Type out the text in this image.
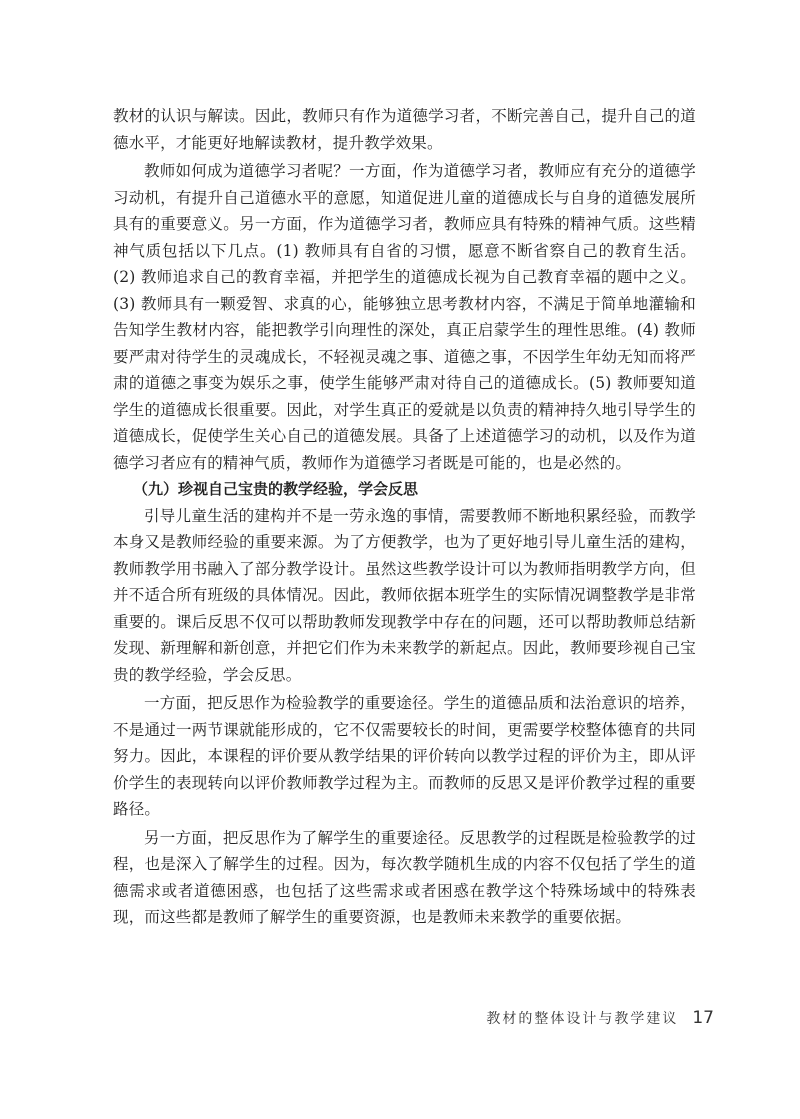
教材的认识与解读。因此，教师只有作为道德学习者，不断完善自己，提升自己的道德水平，才能更好地解读教材，提升教学效果。

教师如何成为道德学习者呢？一方面，作为道德学习者，教师应有充分的道德学习动机，有提升自己道德水平的意愿，知道促进儿童的道德成长与自身的道德发展所具有的重要意义。另一方面，作为道德学习者，教师应具有特殊的精神气质。这些精神气质包括以下几点。(1) 教师具有自省的习惯，愿意不断省察自己的教育生活。(2) 教师追求自己的教育幸福，并把学生的道德成长视为自己教育幸福的题中之义。(3) 教师具有一颗爱智、求真的心，能够独立思考教材内容，不满足于简单地灌输和告知学生教材内容，能把教学引向理性的深处，真正启蒙学生的理性思维。(4) 教师要严肃对待学生的灵魂成长，不轻视灵魂之事、道德之事，不因学生年幼无知而将严肃的道德之事变为娱乐之事，使学生能够严肃对待自己的道德成长。(5) 教师要知道学生的道德成长很重要。因此，对学生真正的爱就是以负责的精神持久地引导学生的道德成长，促使学生关心自己的道德发展。具备了上述道德学习的动机，以及作为道德学习者应有的精神气质，教师作为道德学习者既是可能的，也是必然的。

（九）珍视自己宝贵的教学经验，学会反思

引导儿童生活的建构并不是一劳永逸的事情，需要教师不断地积累经验，而教学本身又是教师经验的重要来源。为了方便教学，也为了更好地引导儿童生活的建构，教师教学用书融入了部分教学设计。虽然这些教学设计可以为教师指明教学方向，但并不适合所有班级的具体情况。因此，教师依据本班学生的实际情况调整教学是非常重要的。课后反思不仅可以帮助教师发现教学中存在的问题，还可以帮助教师总结新发现、新理解和新创意，并把它们作为未来教学的新起点。因此，教师要珍视自己宝贵的教学经验，学会反思。

一方面，把反思作为检验教学的重要途径。学生的道德品质和法治意识的培养，不是通过一两节课就能形成的，它不仅需要较长的时间，更需要学校整体德育的共同努力。因此，本课程的评价要从教学结果的评价转向以教学过程的评价为主，即从评价学生的表现转向以评价教师教学过程为主。而教师的反思又是评价教学过程的重要路径。

另一方面，把反思作为了解学生的重要途径。反思教学的过程既是检验教学的过程，也是深入了解学生的过程。因为，每次教学随机生成的内容不仅包括了学生的道德需求或者道德困惑，也包括了这些需求或者困惑在教学这个特殊场域中的特殊表现，而这些都是教师了解学生的重要资源，也是教师未来教学的重要依据。

教材的整体设计与教学建议 17
